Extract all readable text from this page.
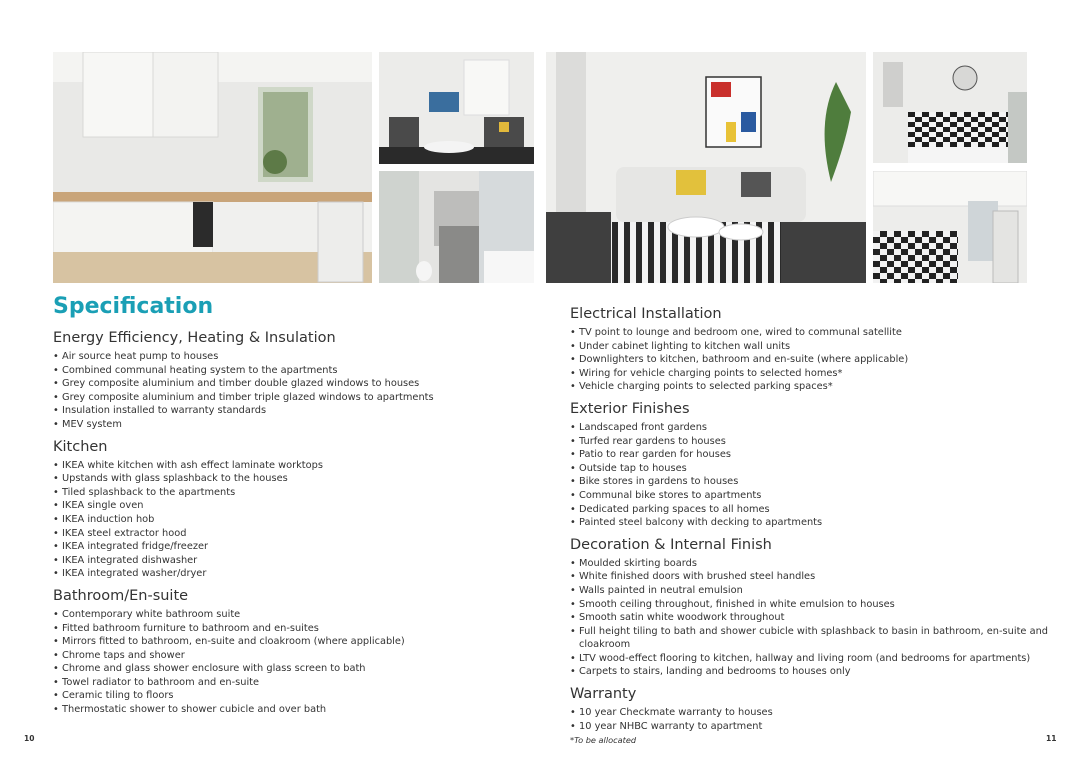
Specification
Energy Efficiency, Heating & Insulation
• Air source heat pump to houses
• Combined communal heating system to the apartments
• Grey composite aluminium and timber double glazed windows to houses
• Grey composite aluminium and timber triple glazed windows to apartments
• Insulation installed to warranty standards
• MEV system
Kitchen
• IKEA white kitchen with ash effect laminate worktops
• Upstands with glass splashback to the houses
• Tiled splashback to the apartments
• IKEA single oven
• IKEA induction hob
• IKEA steel extractor hood
• IKEA integrated fridge/freezer
• IKEA integrated dishwasher
• IKEA integrated washer/dryer
Bathroom/En-suite
• Contemporary white bathroom suite
• Fitted bathroom furniture to bathroom and en-suites
• Mirrors fitted to bathroom, en-suite and cloakroom (where applicable)
• Chrome taps and shower
• Chrome and glass shower enclosure with glass screen to bath
• Towel radiator to bathroom and en-suite
• Ceramic tiling to floors
• Thermostatic shower to shower cubicle and over bath
Electrical Installation
• TV point to lounge and bedroom one, wired to communal satellite
• Under cabinet lighting to kitchen wall units
• Downlighters to kitchen, bathroom and en-suite (where applicable)
• Wiring for vehicle charging points to selected homes*
• Vehicle charging points to selected parking spaces*
Exterior Finishes
• Landscaped front gardens
• Turfed rear gardens to houses
• Patio to rear garden for houses
• Outside tap to houses
• Bike stores in gardens to houses
• Communal bike stores to apartments
• Dedicated parking spaces to all homes
• Painted steel balcony with decking to apartments
Decoration & Internal Finish
• Moulded skirting boards
• White finished doors with brushed steel handles
• Walls painted in neutral emulsion
• Smooth ceiling throughout, finished in white emulsion to houses
• Smooth satin white woodwork throughout
• Full height tiling to bath and shower cubicle with splashback to basin in bathroom, en-suite and cloakroom
• LTV wood-effect flooring to kitchen, hallway and living room (and bedrooms for apartments)
• Carpets to stairs, landing and bedrooms to houses only
Warranty
• 10 year Checkmate warranty to houses
• 10 year NHBC warranty to apartment
*To be allocated
10	11
